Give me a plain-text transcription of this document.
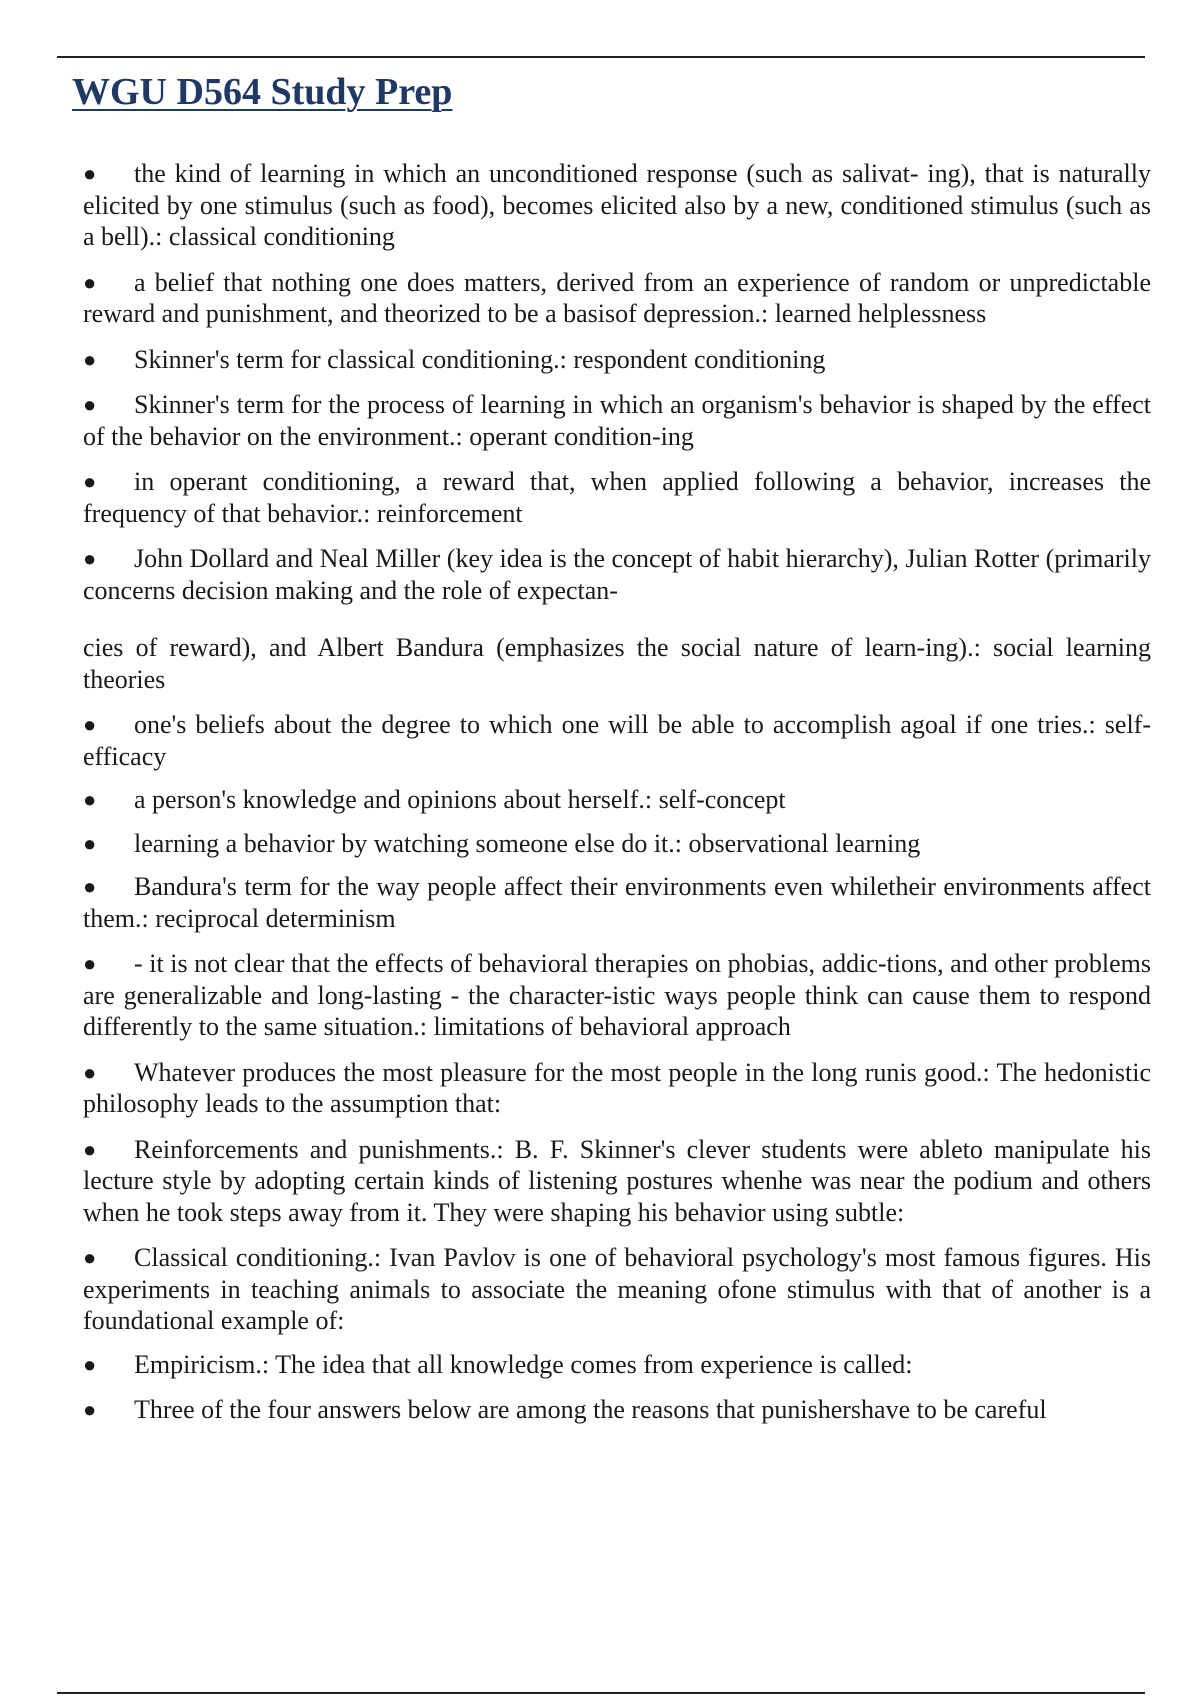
WGU D564 Study Prep

● the kind of learning in which an unconditioned response (such as salivat- ing), that is naturally elicited by one stimulus (such as food), becomes elicited also by a new, conditioned stimulus (such as a bell).: classical conditioning

● a belief that nothing one does matters, derived from an experience of random or unpredictable reward and punishment, and theorized to be a basisof depression.: learned helplessness

● Skinner's term for classical conditioning.: respondent conditioning

● Skinner's term for the process of learning in which an organism's behavior is shaped by the effect of the behavior on the environment.: operant condition-ing

● in operant conditioning, a reward that, when applied following a behavior, increases the frequency of that behavior.: reinforcement

● John Dollard and Neal Miller (key idea is the concept of habit hierarchy), Julian Rotter (primarily concerns decision making and the role of expectan-

cies of reward), and Albert Bandura (emphasizes the social nature of learn-ing).: social learning theories

● one's beliefs about the degree to which one will be able to accomplish agoal if one tries.: self-efficacy

● a person's knowledge and opinions about herself.: self-concept

● learning a behavior by watching someone else do it.: observational learning

● Bandura's term for the way people affect their environments even whiletheir environments affect them.: reciprocal determinism

● - it is not clear that the effects of behavioral therapies on phobias, addic-tions, and other problems are generalizable and long-lasting - the character-istic ways people think can cause them to respond differently to the same situation.: limitations of behavioral approach

● Whatever produces the most pleasure for the most people in the long runis good.: The hedonistic philosophy leads to the assumption that:

● Reinforcements and punishments.: B. F. Skinner's clever students were ableto manipulate his lecture style by adopting certain kinds of listening postures whenhe was near the podium and others when he took steps away from it. They were shaping his behavior using subtle:

● Classical conditioning.: Ivan Pavlov is one of behavioral psychology's most famous figures. His experiments in teaching animals to associate the meaning ofone stimulus with that of another is a foundational example of:

● Empiricism.: The idea that all knowledge comes from experience is called:

● Three of the four answers below are among the reasons that punishershave to be careful
